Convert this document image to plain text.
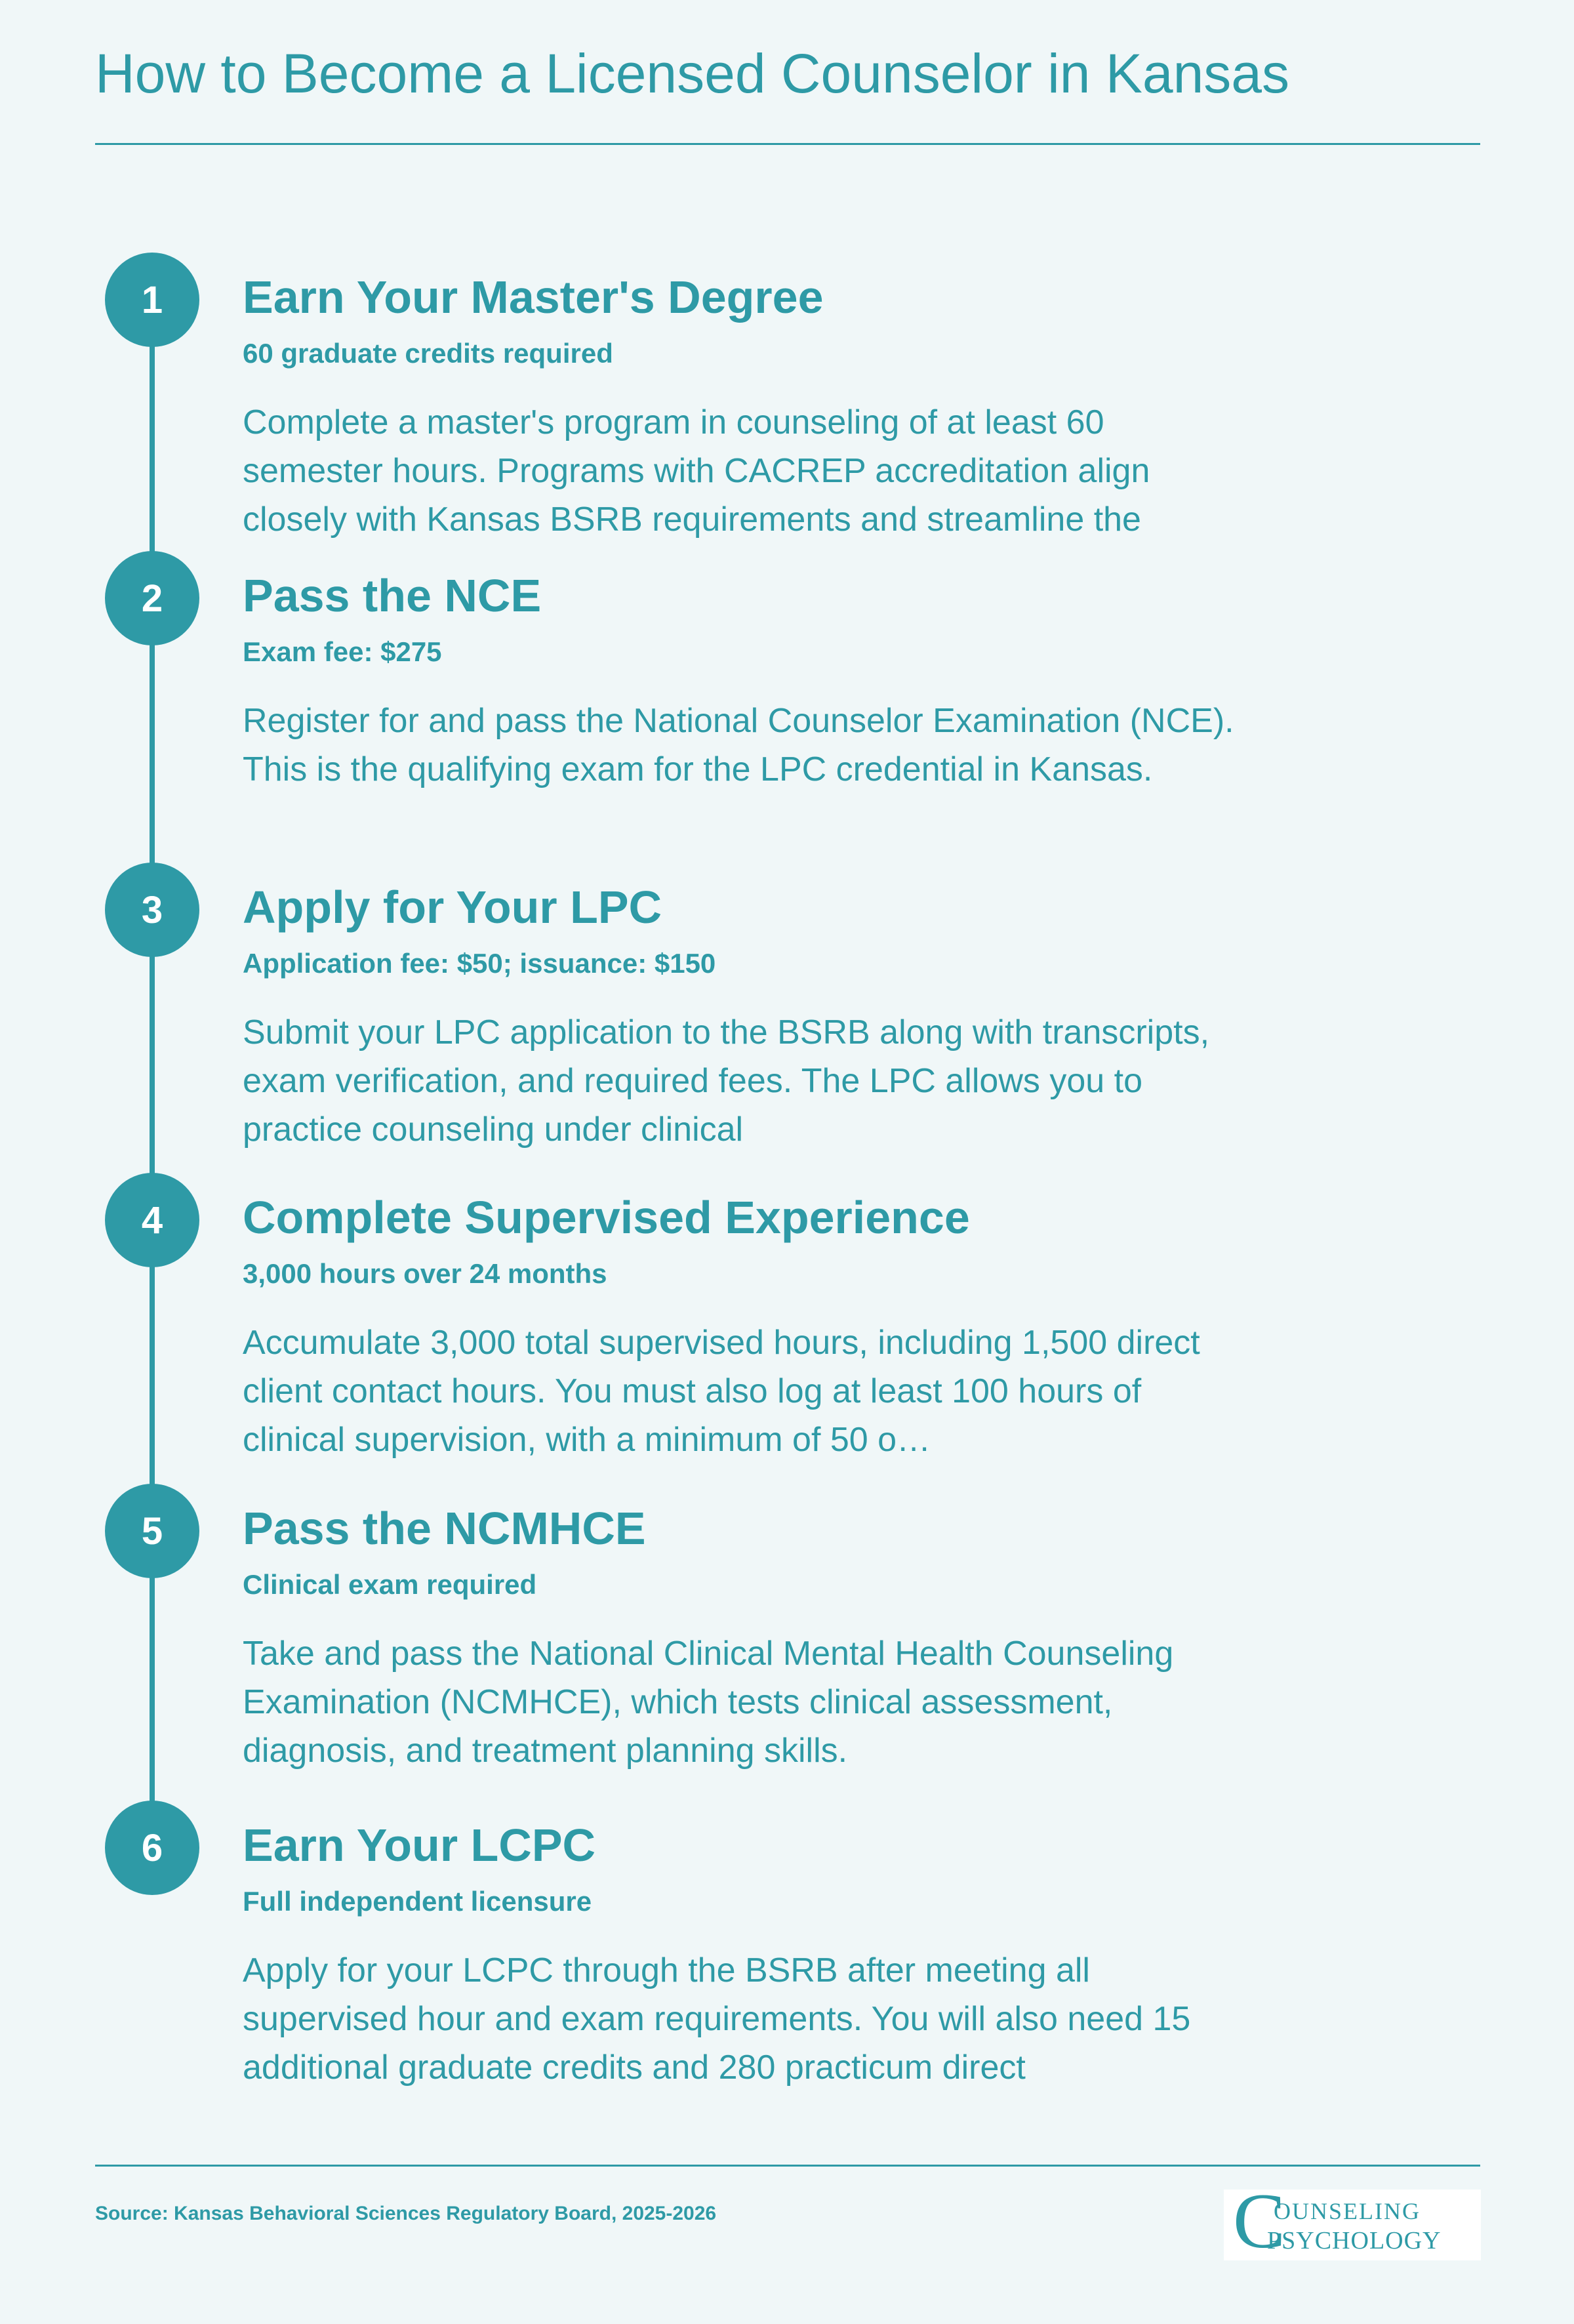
How to Become a Licensed Counselor in Kansas
1	Earn Your Master's Degree

60 graduate credits required

Complete a master's program in counseling of at least 60 semester hours. Programs with CACREP accreditation align closely with Kansas BSRB requirements and streamline the

2	Pass the NCE

Exam fee: $275

Register for and pass the National Counselor Examination (NCE). This is the qualifying exam for the LPC credential in Kansas.

3	Apply for Your LPC

Application fee: $50; issuance: $150

Submit your LPC application to the BSRB along with transcripts, exam verification, and required fees. The LPC allows you to practice counseling under clinical

4	Complete Supervised Experience

3,000 hours over 24 months

Accumulate 3,000 total supervised hours, including 1,500 direct client contact hours. You must also log at least 100 hours of clinical supervision, with a minimum of 50 o…

5	Pass the NCMHCE

Clinical exam required

Take and pass the National Clinical Mental Health Counseling Examination (NCMHCE), which tests clinical assessment, diagnosis, and treatment planning skills.

6	Earn Your LCPC

Full independent licensure

Apply for your LCPC through the BSRB after meeting all supervised hour and exam requirements. You will also need 15 additional graduate credits and 280 practicum direct

Source: Kansas Behavioral Sciences Regulatory Board, 2025-2026	C
OUNSELING
PSYCHOLOGY
